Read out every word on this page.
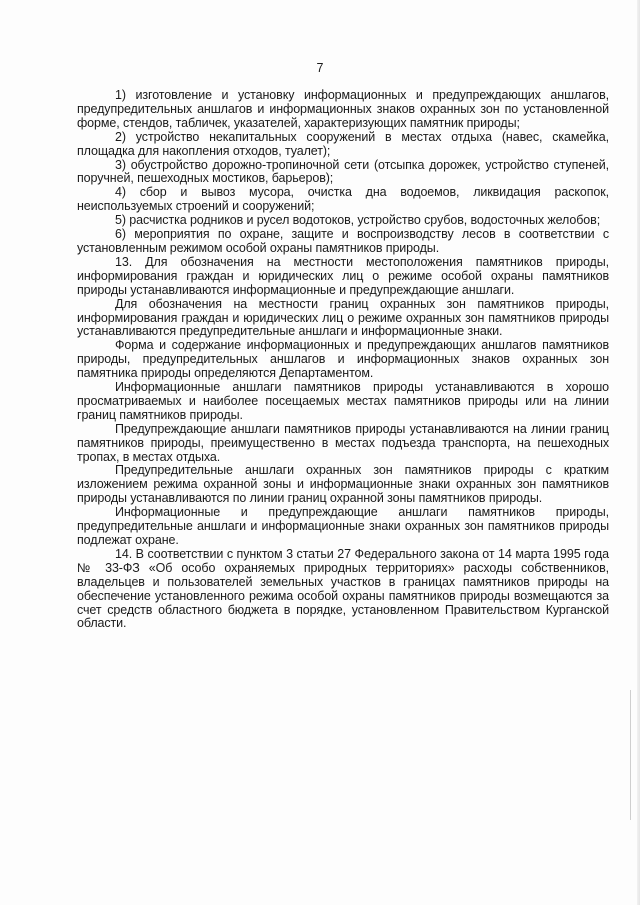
7

1) изготовление и установку информационных и предупреждающих аншлагов, предупредительных аншлагов и информационных знаков охранных зон по установленной форме, стендов, табличек, указателей, характеризующих памятник природы;

2) устройство некапитальных сооружений в местах отдыха (навес, скамейка, площадка для накопления отходов, туалет);

3) обустройство дорожно-тропиночной сети (отсыпка дорожек, устройство ступеней, поручней, пешеходных мостиков, барьеров);

4) сбор и вывоз мусора, очистка дна водоемов, ликвидация раскопок, неиспользуемых строений и сооружений;

5) расчистка родников и русел водотоков, устройство срубов, водосточных желобов;

6) мероприятия по охране, защите и воспроизводству лесов в соответствии с установленным режимом особой охраны памятников природы.

13. Для обозначения на местности местоположения памятников природы, информирования граждан и юридических лиц о режиме особой охраны памятников природы устанавливаются информационные и предупреждающие аншлаги.

Для обозначения на местности границ охранных зон памятников природы, информирования граждан и юридических лиц о режиме охранных зон памятников природы устанавливаются предупредительные аншлаги и информационные знаки.

Форма и содержание информационных и предупреждающих аншлагов памятников природы, предупредительных аншлагов и информационных знаков охранных зон памятника природы определяются Департаментом.

Информационные аншлаги памятников природы устанавливаются в хорошо просматриваемых и наиболее посещаемых местах памятников природы или на линии границ памятников природы.

Предупреждающие аншлаги памятников природы устанавливаются на линии границ памятников природы, преимущественно в местах подъезда транспорта, на пешеходных тропах, в местах отдыха.

Предупредительные аншлаги охранных зон памятников природы с кратким изложением режима охранной зоны и информационные знаки охранных зон памятников природы устанавливаются по линии границ охранной зоны памятников природы.

Информационные и предупреждающие аншлаги памятников природы, предупредительные аншлаги и информационные знаки охранных зон памятников природы подлежат охране.

14. В соответствии с пунктом 3 статьи 27 Федерального закона от 14 марта 1995 года № 33-ФЗ «Об особо охраняемых природных территориях» расходы собственников, владельцев и пользователей земельных участков в границах памятников природы на обеспечение установленного режима особой охраны памятников природы возмещаются за счет средств областного бюджета в порядке, установленном Правительством Курганской области.
